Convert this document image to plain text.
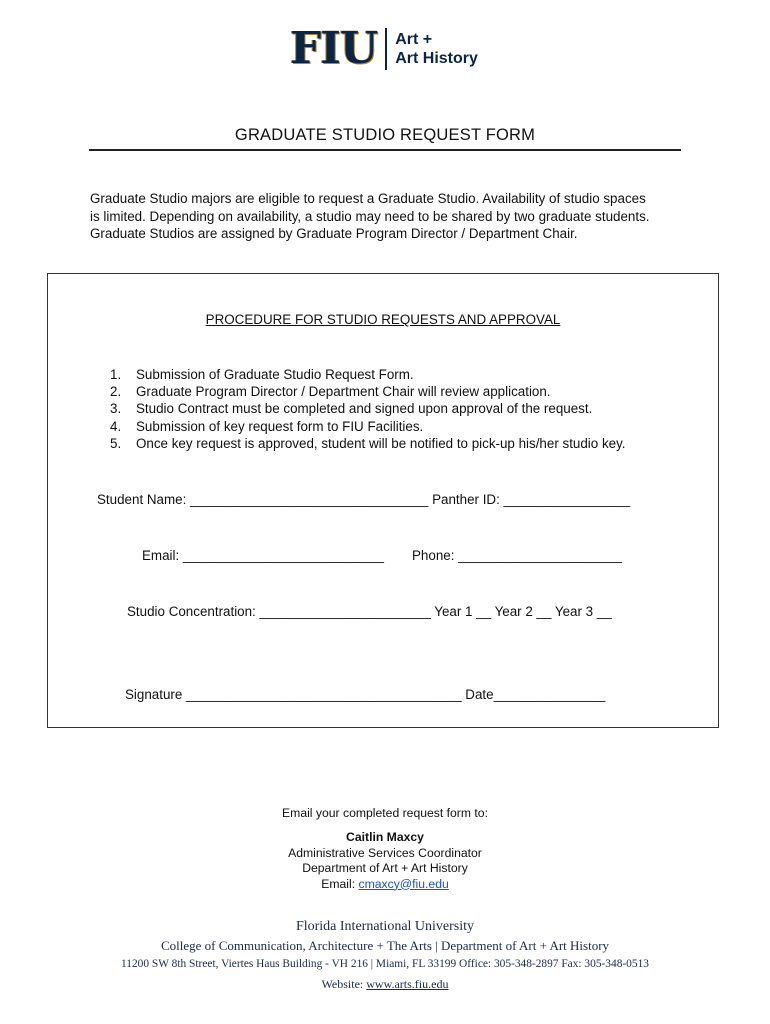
FIU Art +
Art History
GRADUATE STUDIO REQUEST FORM
Graduate Studio majors are eligible to request a Graduate Studio. Availability of studio spaces
is limited. Depending on availability, a studio may need to be shared by two graduate students.
Graduate Studios are assigned by Graduate Program Director / Department Chair.
PROCEDURE FOR STUDIO REQUESTS AND APPROVAL
1. Submission of Graduate Studio Request Form.
2. Graduate Program Director / Department Chair will review application.
3. Studio Contract must be completed and signed upon approval of the request.
4. Submission of key request form to FIU Facilities.
5. Once key request is approved, student will be notified to pick-up his/her studio key.
Student Name: ________________________________ Panther ID: _________________
Email: ___________________________ Phone: ______________________
Studio Concentration: _______________________ Year 1 __ Year 2 __ Year 3 __
Signature _____________________________________ Date_______________
Email your completed request form to:
Caitlin Maxcy
Administrative Services Coordinator
Department of Art + Art History
Email: cmaxcy@fiu.edu
Florida International University
College of Communication, Architecture + The Arts | Department of Art + Art History
11200 SW 8th Street, Viertes Haus Building - VH 216 | Miami, FL 33199 Office: 305-348-2897 Fax: 305-348-0513
Website: www.arts.fiu.edu
